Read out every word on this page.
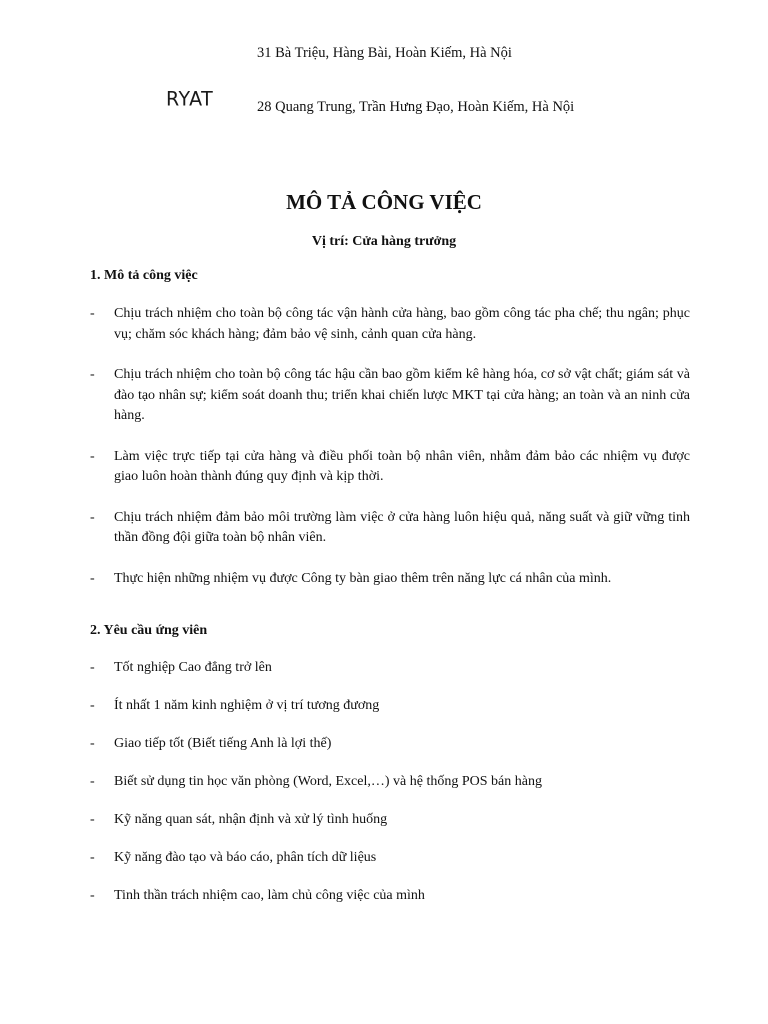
RYAT
31 Bà Triệu, Hàng Bài, Hoàn Kiếm, Hà Nội
28 Quang Trung, Trần Hưng Đạo, Hoàn Kiếm, Hà Nội
MÔ TẢ CÔNG VIỆC
Vị trí: Cửa hàng trưởng
1. Mô tả công việc
- Chịu trách nhiệm cho toàn bộ công tác vận hành cửa hàng, bao gồm công tác pha chế; thu ngân; phục vụ; chăm sóc khách hàng; đảm bảo vệ sinh, cảnh quan cửa hàng.
- Chịu trách nhiệm cho toàn bộ công tác hậu cần bao gồm kiểm kê hàng hóa, cơ sở vật chất; giám sát và đào tạo nhân sự; kiểm soát doanh thu; triển khai chiến lược MKT tại cửa hàng; an toàn và an ninh cửa hàng.
- Làm việc trực tiếp tại cửa hàng và điều phối toàn bộ nhân viên, nhằm đảm bảo các nhiệm vụ được giao luôn hoàn thành đúng quy định và kịp thời.
- Chịu trách nhiệm đảm bảo môi trường làm việc ở cửa hàng luôn hiệu quả, năng suất và giữ vững tinh thần đồng đội giữa toàn bộ nhân viên.
- Thực hiện những nhiệm vụ được Công ty bàn giao thêm trên năng lực cá nhân của mình.
2. Yêu cầu ứng viên
- Tốt nghiệp Cao đẳng trở lên
- Ít nhất 1 năm kinh nghiệm ở vị trí tương đương
- Giao tiếp tốt (Biết tiếng Anh là lợi thế)
- Biết sử dụng tin học văn phòng (Word, Excel,…) và hệ thống POS bán hàng
- Kỹ năng quan sát, nhận định và xử lý tình huống
- Kỹ năng đào tạo và báo cáo, phân tích dữ liệus
- Tinh thần trách nhiệm cao, làm chủ công việc của mình
